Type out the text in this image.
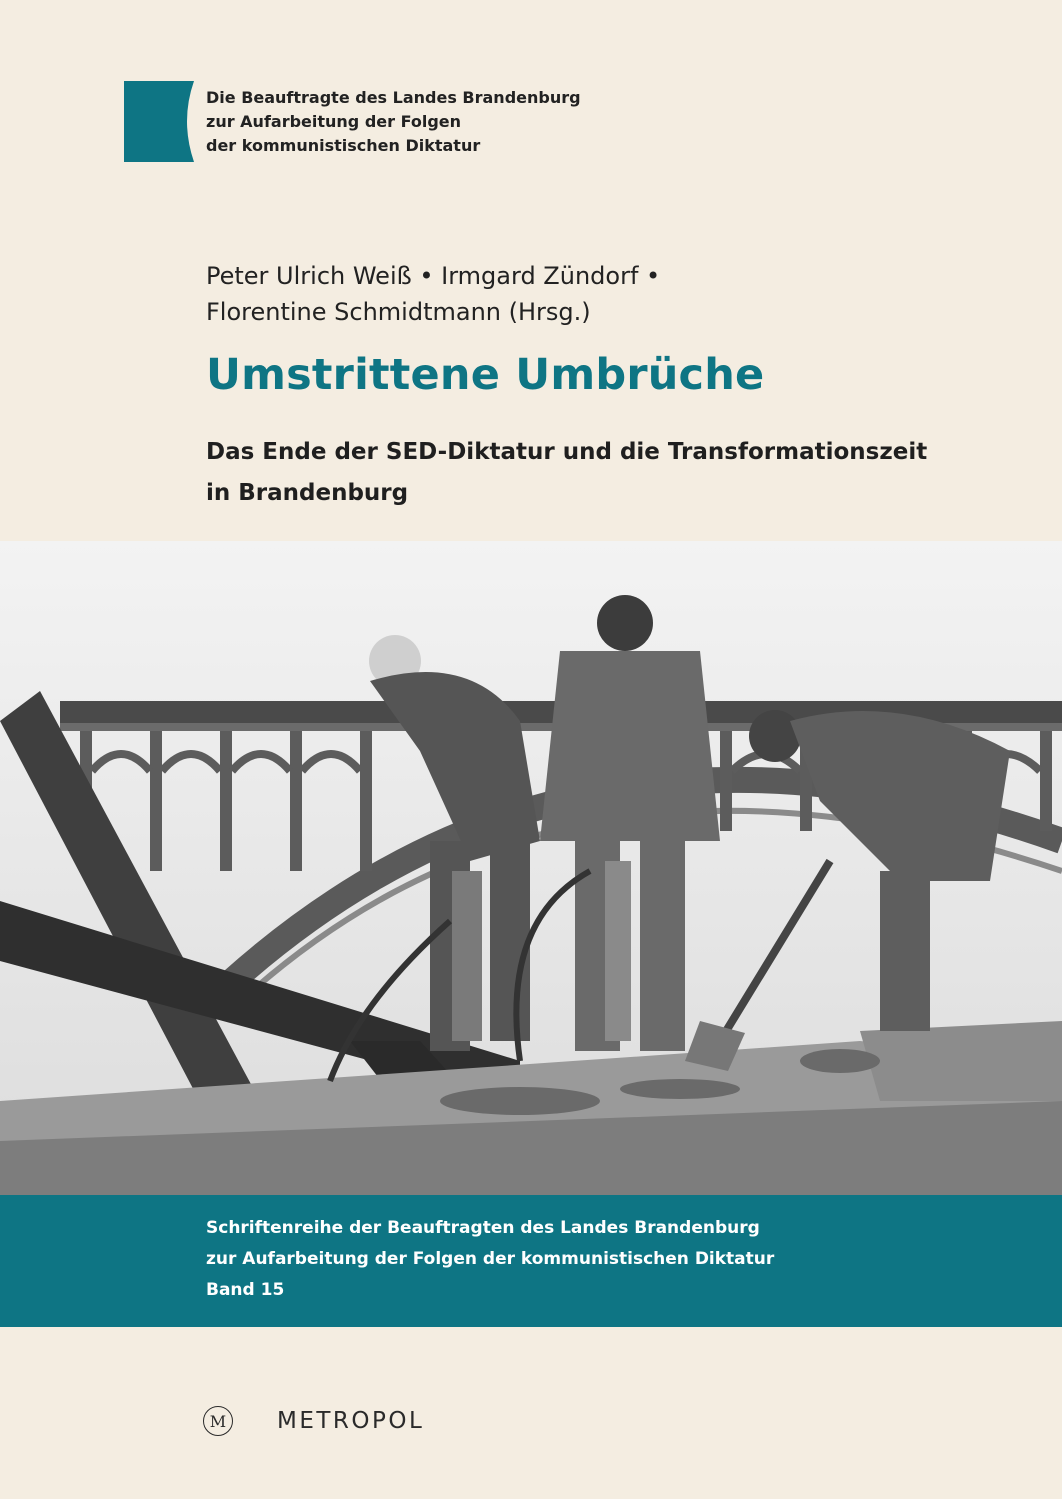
Die Beauftragte des Landes Brandenburg
zur Aufarbeitung der Folgen
der kommunistischen Diktatur
Peter Ulrich Weiß • Irmgard Zündorf •
Florentine Schmidtmann (Hrsg.)
Umstrittene Umbrüche
Das Ende der SED-Diktatur und die Transformationszeit
in Brandenburg
Schriftenreihe der Beauftragten des Landes Brandenburg
zur Aufarbeitung der Folgen der kommunistischen Diktatur
Band 15
M METROPOL
